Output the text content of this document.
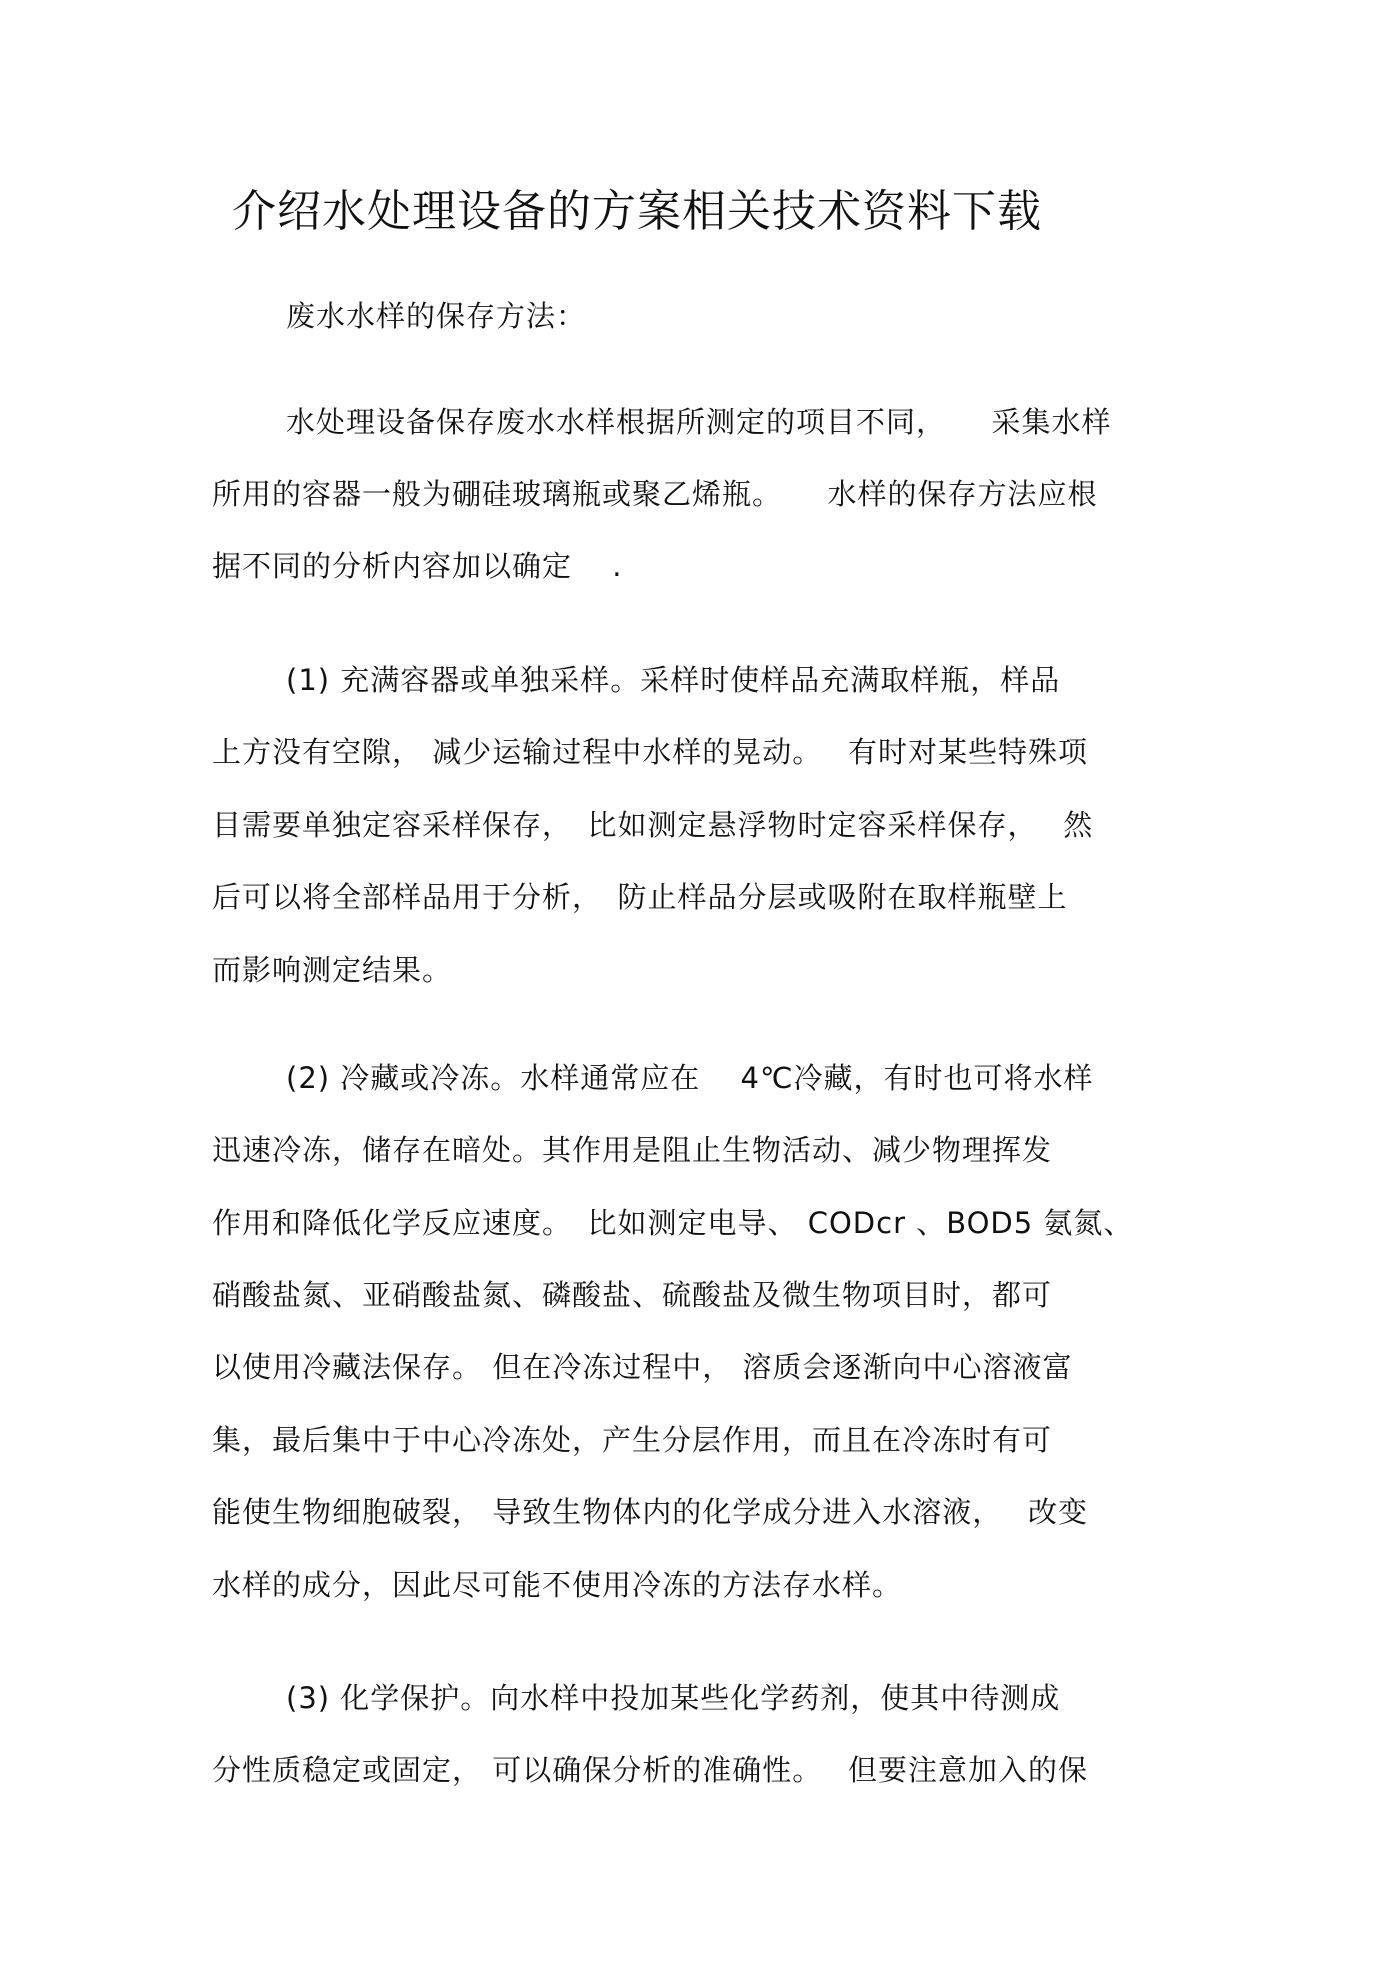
介绍水处理设备的方案相关技术资料下载
废水水样的保存方法：
水处理设备保存废水水样根据所测定的项目不同，　　采集水样
所用的容器一般为硼硅玻璃瓶或聚乙烯瓶。　　水样的保存方法应根
据不同的分析内容加以确定　 .
(1) 充满容器或单独采样。采样时使样品充满取样瓶，样品
上方没有空隙， 减少运输过程中水样的晃动。　 有时对某些特殊项
目需要单独定容采样保存，　比如测定悬浮物时定容采样保存，　 然
后可以将全部样品用于分析，　防止样品分层或吸附在取样瓶壁上
而影响测定结果。
(2) 冷藏或冷冻。水样通常应在　 4℃冷藏，有时也可将水样
迅速冷冻，储存在暗处。其作用是阻止生物活动、减少物理挥发
作用和降低化学反应速度。　比如测定电导、 CODcr 、BOD5 氨氮、
硝酸盐氮、亚硝酸盐氮、磷酸盐、硫酸盐及微生物项目时，都可
以使用冷藏法保存。 但在冷冻过程中， 溶质会逐渐向中心溶液富
集，最后集中于中心冷冻处，产生分层作用，而且在冷冻时有可
能使生物细胞破裂， 导致生物体内的化学成分进入水溶液，　 改变
水样的成分，因此尽可能不使用冷冻的方法存水样。
(3) 化学保护。向水样中投加某些化学药剂，使其中待测成
分性质稳定或固定， 可以确保分析的准确性。　 但要注意加入的保
